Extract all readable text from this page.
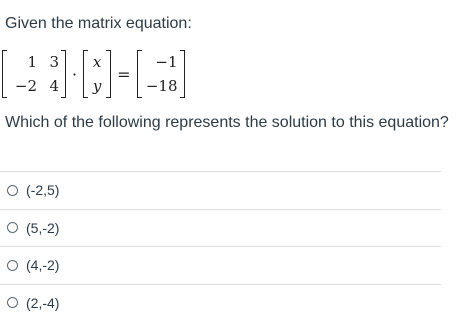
Given the matrix equation:
1 3
−2 4
·
x
y
=
−1
−18
Which of the following represents the solution to this equation?
(-2,5)
(5,-2)
(4,-2)
(2,-4)
